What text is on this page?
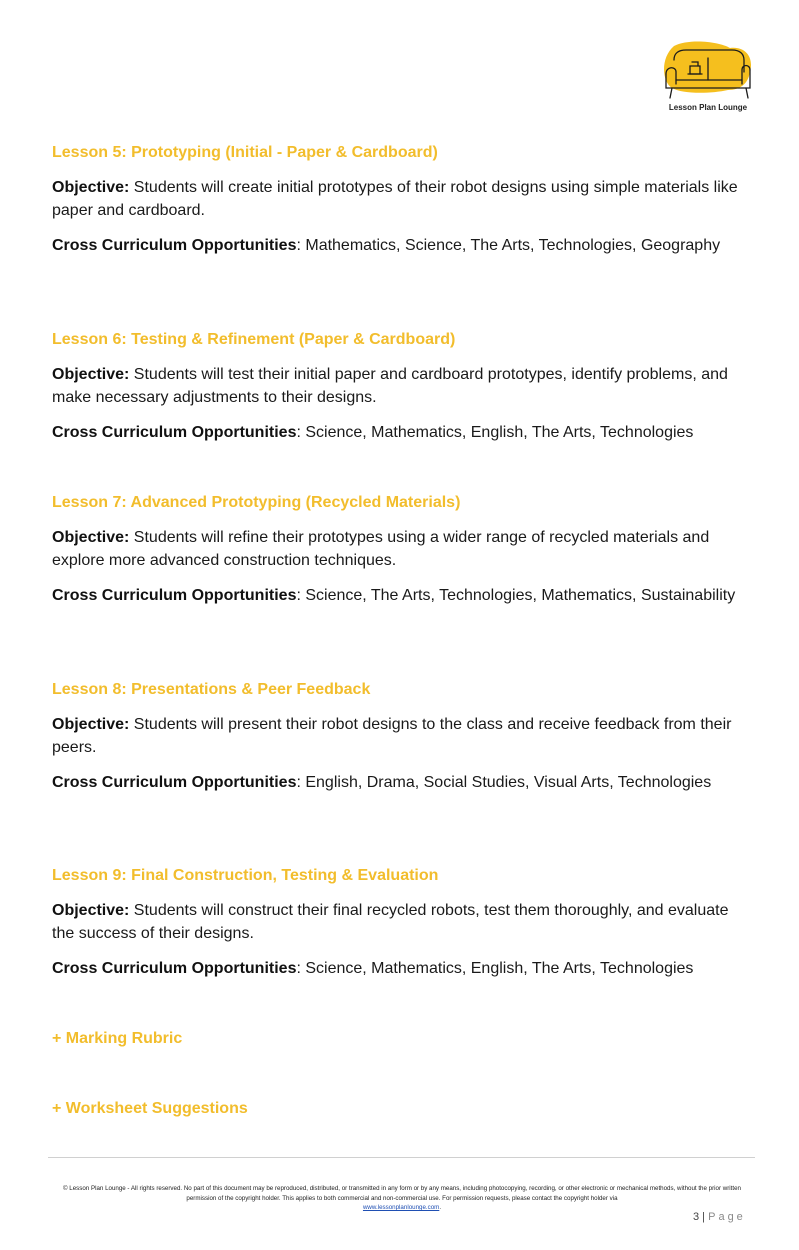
Lesson Plan Lounge
Lesson 5: Prototyping (Initial - Paper & Cardboard)

Objective: Students will create initial prototypes of their robot designs using simple materials like paper and cardboard.

Cross Curriculum Opportunities: Mathematics, Science, The Arts, Technologies, Geography

Lesson 6: Testing & Refinement (Paper & Cardboard)

Objective: Students will test their initial paper and cardboard prototypes, identify problems, and make necessary adjustments to their designs.

Cross Curriculum Opportunities: Science, Mathematics, English, The Arts, Technologies

Lesson 7: Advanced Prototyping (Recycled Materials)

Objective: Students will refine their prototypes using a wider range of recycled materials and explore more advanced construction techniques.

Cross Curriculum Opportunities: Science, The Arts, Technologies, Mathematics, Sustainability

Lesson 8: Presentations & Peer Feedback

Objective: Students will present their robot designs to the class and receive feedback from their peers.

Cross Curriculum Opportunities: English, Drama, Social Studies, Visual Arts, Technologies

Lesson 9: Final Construction, Testing & Evaluation

Objective: Students will construct their final recycled robots, test them thoroughly, and evaluate the success of their designs.

Cross Curriculum Opportunities: Science, Mathematics, English, The Arts, Technologies

+ Marking Rubric
+ Worksheet Suggestions
© Lesson Plan Lounge - All rights reserved. No part of this document may be reproduced, distributed, or transmitted in any form or by any means, including photocopying, recording, or other electronic or mechanical methods, without the prior written permission of the copyright holder. This applies to both commercial and non-commercial use. For permission requests, please contact the copyright holder via
www.lessonplanlounge.com.
3 | Page
